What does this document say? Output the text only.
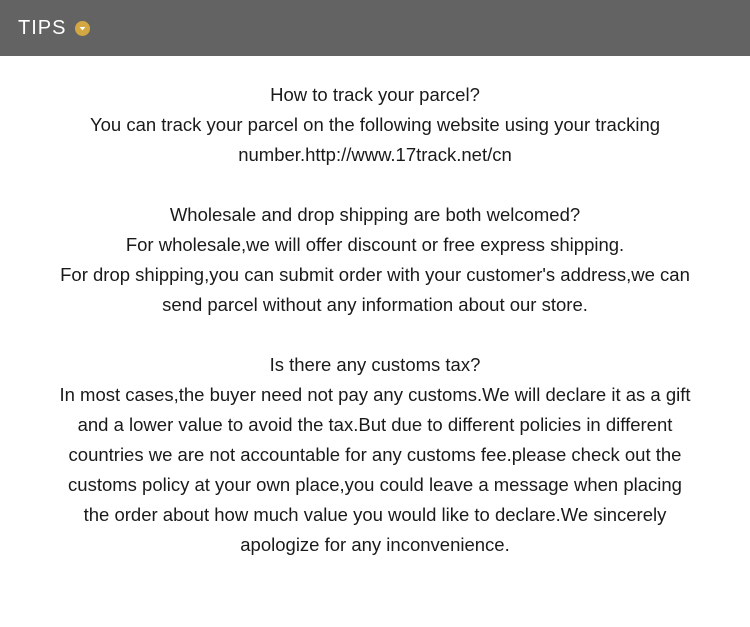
TIPS

How to track your parcel?

You can track your parcel on the following website using your tracking

number.http://www.17track.net/cn

Wholesale and drop shipping are both welcomed?

For wholesale,we will offer discount or free express shipping.

For drop shipping,you can submit order with your customer's address,we can

send parcel without any information about our store.

Is there any customs tax?

In most cases,the buyer need not pay any customs.We will declare it as a gift

and a lower value to avoid the tax.But due to different policies in different

countries we are not accountable for any customs fee.please check out the

customs policy at your own place,you could leave a message when placing

the order about how much value you would like to declare.We sincerely

apologize for any inconvenience.
